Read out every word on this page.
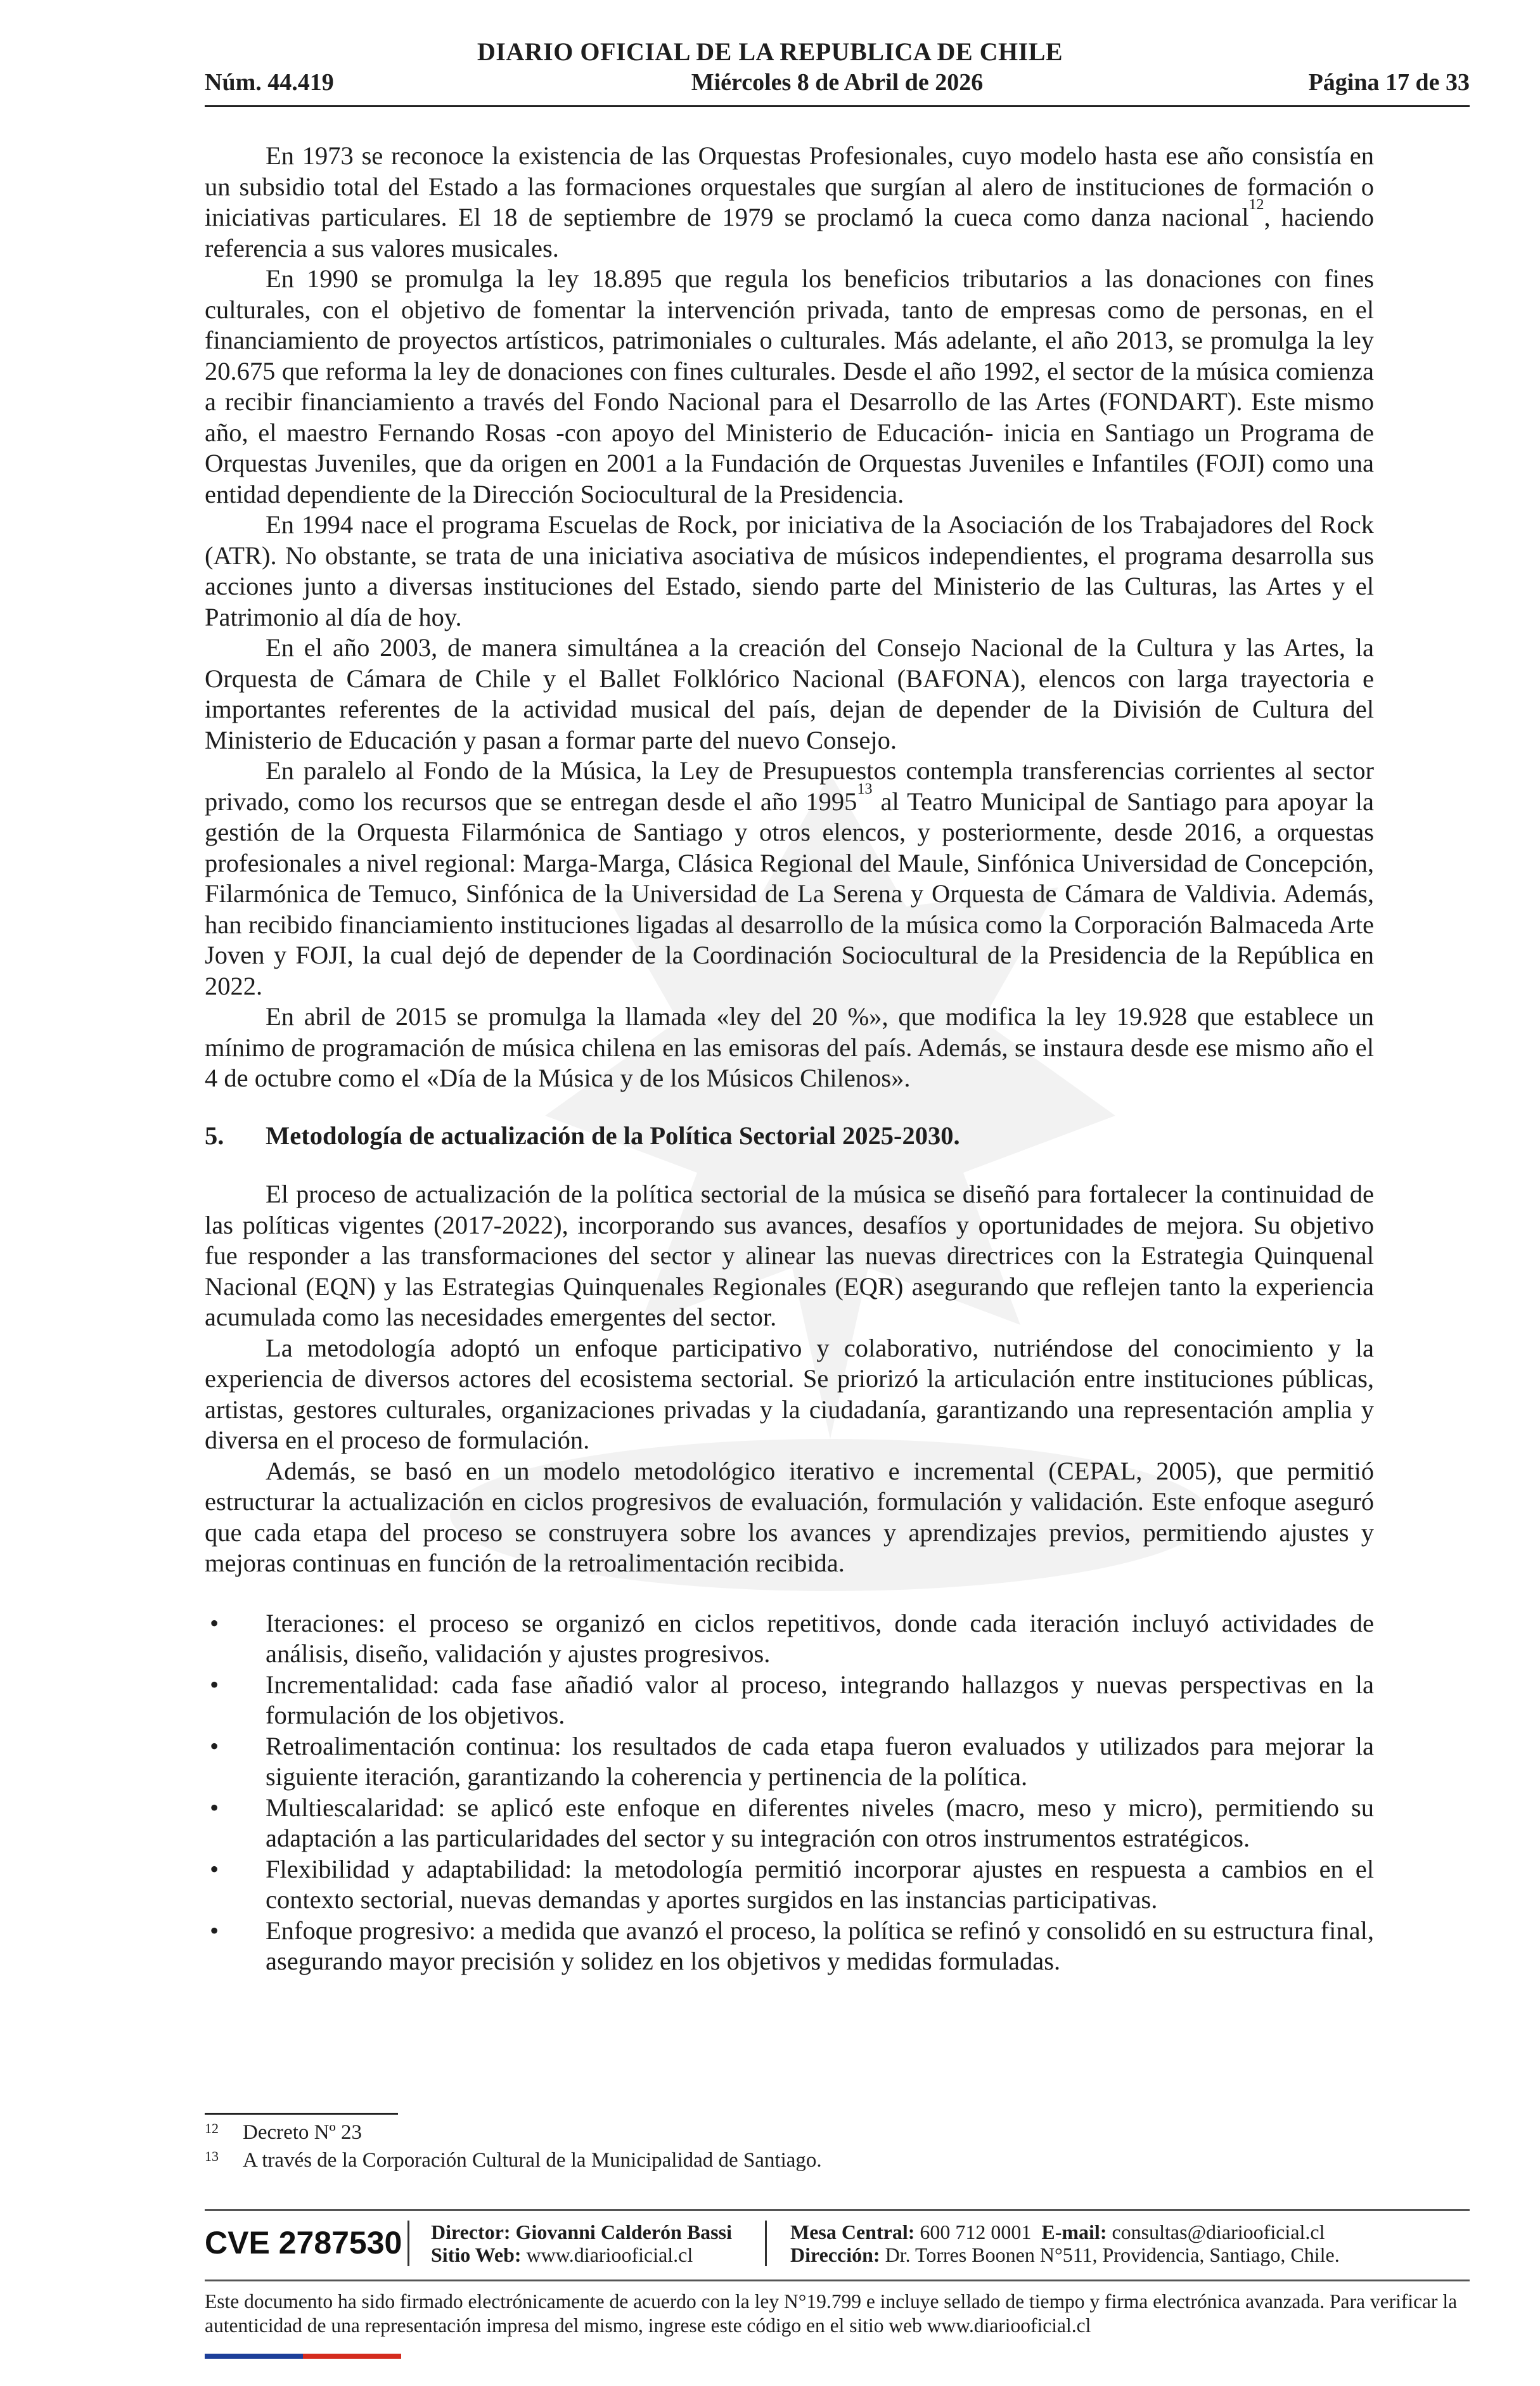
DIARIO OFICIAL DE LA REPUBLICA DE CHILE
Núm. 44.419	Miércoles 8 de Abril de 2026	Página 17 de 33

En 1973 se reconoce la existencia de las Orquestas Profesionales, cuyo modelo hasta ese año consistía en un subsidio total del Estado a las formaciones orquestales que surgían al alero de instituciones de formación o iniciativas particulares. El 18 de septiembre de 1979 se proclamó la cueca como danza nacional$^{12}$, haciendo referencia a sus valores musicales.

En 1990 se promulga la ley 18.895 que regula los beneficios tributarios a las donaciones con fines culturales, con el objetivo de fomentar la intervención privada, tanto de empresas como de personas, en el financiamiento de proyectos artísticos, patrimoniales o culturales. Más adelante, el año 2013, se promulga la ley 20.675 que reforma la ley de donaciones con fines culturales. Desde el año 1992, el sector de la música comienza a recibir financiamiento a través del Fondo Nacional para el Desarrollo de las Artes (FONDART). Este mismo año, el maestro Fernando Rosas -con apoyo del Ministerio de Educación- inicia en Santiago un Programa de Orquestas Juveniles, que da origen en 2001 a la Fundación de Orquestas Juveniles e Infantiles (FOJI) como una entidad dependiente de la Dirección Sociocultural de la Presidencia.

En 1994 nace el programa Escuelas de Rock, por iniciativa de la Asociación de los Trabajadores del Rock (ATR). No obstante, se trata de una iniciativa asociativa de músicos independientes, el programa desarrolla sus acciones junto a diversas instituciones del Estado, siendo parte del Ministerio de las Culturas, las Artes y el Patrimonio al día de hoy.

En el año 2003, de manera simultánea a la creación del Consejo Nacional de la Cultura y las Artes, la Orquesta de Cámara de Chile y el Ballet Folklórico Nacional (BAFONA), elencos con larga trayectoria e importantes referentes de la actividad musical del país, dejan de depender de la División de Cultura del Ministerio de Educación y pasan a formar parte del nuevo Consejo.

En paralelo al Fondo de la Música, la Ley de Presupuestos contempla transferencias corrientes al sector privado, como los recursos que se entregan desde el año 1995$^{13}$ al Teatro Municipal de Santiago para apoyar la gestión de la Orquesta Filarmónica de Santiago y otros elencos, y posteriormente, desde 2016, a orquestas profesionales a nivel regional: Marga-Marga, Clásica Regional del Maule, Sinfónica Universidad de Concepción, Filarmónica de Temuco, Sinfónica de la Universidad de La Serena y Orquesta de Cámara de Valdivia. Además, han recibido financiamiento instituciones ligadas al desarrollo de la música como la Corporación Balmaceda Arte Joven y FOJI, la cual dejó de depender de la Coordinación Sociocultural de la Presidencia de la República en 2022.

En abril de 2015 se promulga la llamada «ley del 20 %», que modifica la ley 19.928 que establece un mínimo de programación de música chilena en las emisoras del país. Además, se instaura desde ese mismo año el 4 de octubre como el «Día de la Música y de los Músicos Chilenos».

5.	Metodología de actualización de la Política Sectorial 2025-2030.

El proceso de actualización de la política sectorial de la música se diseñó para fortalecer la continuidad de las políticas vigentes (2017-2022), incorporando sus avances, desafíos y oportunidades de mejora. Su objetivo fue responder a las transformaciones del sector y alinear las nuevas directrices con la Estrategia Quinquenal Nacional (EQN) y las Estrategias Quinquenales Regionales (EQR) asegurando que reflejen tanto la experiencia acumulada como las necesidades emergentes del sector.

La metodología adoptó un enfoque participativo y colaborativo, nutriéndose del conocimiento y la experiencia de diversos actores del ecosistema sectorial. Se priorizó la articulación entre instituciones públicas, artistas, gestores culturales, organizaciones privadas y la ciudadanía, garantizando una representación amplia y diversa en el proceso de formulación.

Además, se basó en un modelo metodológico iterativo e incremental (CEPAL, 2005), que permitió estructurar la actualización en ciclos progresivos de evaluación, formulación y validación. Este enfoque aseguró que cada etapa del proceso se construyera sobre los avances y aprendizajes previos, permitiendo ajustes y mejoras continuas en función de la retroalimentación recibida.

• Iteraciones: el proceso se organizó en ciclos repetitivos, donde cada iteración incluyó actividades de análisis, diseño, validación y ajustes progresivos.
• Incrementalidad: cada fase añadió valor al proceso, integrando hallazgos y nuevas perspectivas en la formulación de los objetivos.
• Retroalimentación continua: los resultados de cada etapa fueron evaluados y utilizados para mejorar la siguiente iteración, garantizando la coherencia y pertinencia de la política.
• Multiescalaridad: se aplicó este enfoque en diferentes niveles (macro, meso y micro), permitiendo su adaptación a las particularidades del sector y su integración con otros instrumentos estratégicos.
• Flexibilidad y adaptabilidad: la metodología permitió incorporar ajustes en respuesta a cambios en el contexto sectorial, nuevas demandas y aportes surgidos en las instancias participativas.
• Enfoque progresivo: a medida que avanzó el proceso, la política se refinó y consolidó en su estructura final, asegurando mayor precisión y solidez en los objetivos y medidas formuladas.
12 Decreto Nº 23
13 A través de la Corporación Cultural de la Municipalidad de Santiago.
CVE 2787530 Director: Giovanni Calderón Bassi
Sitio Web: www.diariooficial.cl
Mesa Central: 600 712 0001 E-mail: consultas@diariooficial.cl
Dirección: Dr. Torres Boonen N°511, Providencia, Santiago, Chile.
Este documento ha sido firmado electrónicamente de acuerdo con la ley N°19.799 e incluye sellado de tiempo y firma electrónica avanzada. Para verificar la autenticidad de una representación impresa del mismo, ingrese este código en el sitio web www.diariooficial.cl
